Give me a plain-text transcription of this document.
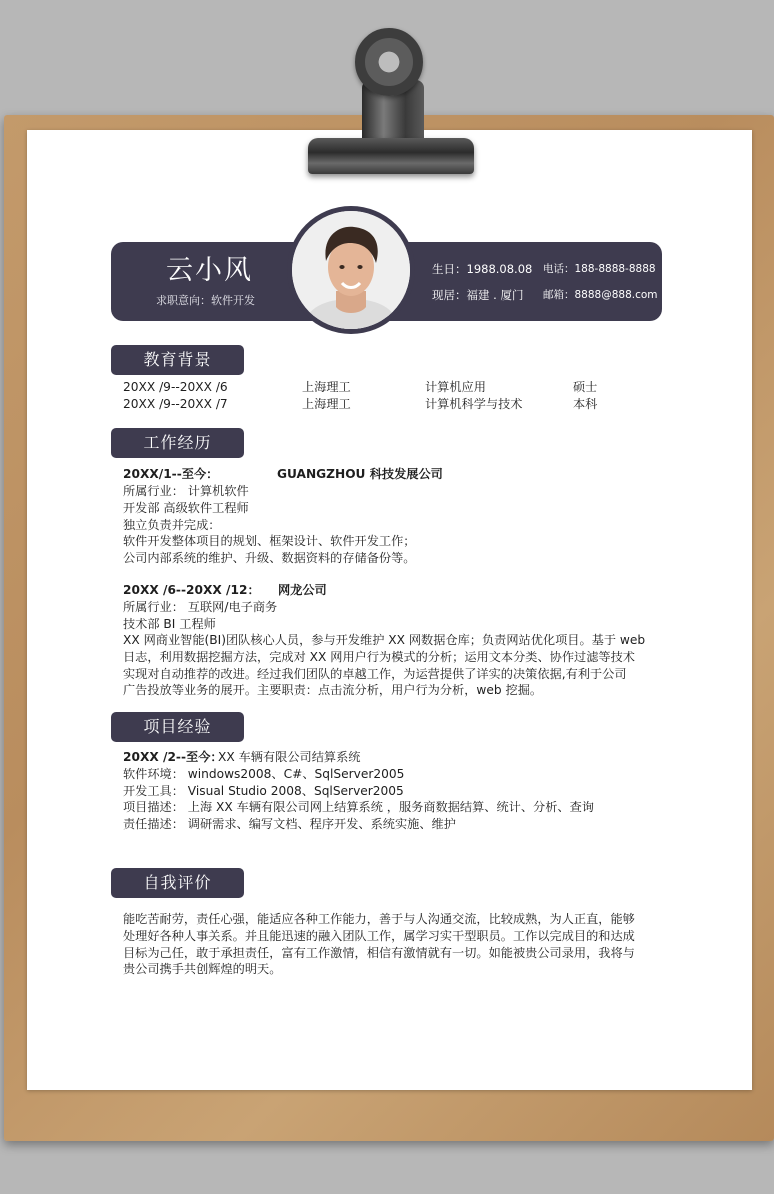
云小风
求职意向：软件开发
生日：1988.08.08 电话：188-8888-8888
现居：福建 . 厦门 邮箱：8888@888.com
教育背景
20XX /9--20XX /6	上海理工	计算机应用	硕士
20XX /9--20XX /7	上海理工	计算机科学与技术	本科
工作经历
20XX/1--至今：	GUANGZHOU 科技发展公司
所属行业： 计算机软件
开发部 高级软件工程师
独立负责并完成：
软件开发整体项目的规划、框架设计、软件开发工作；
公司内部系统的维护、升级、数据资料的存储备份等。
20XX /6--20XX /12： 网龙公司
所属行业： 互联网/电子商务
技术部 BI 工程师
XX 网商业智能(BI)团队核心人员，参与开发维护 XX 网数据仓库；负责网站优化项目。基于 web
日志，利用数据挖掘方法，完成对 XX 网用户行为模式的分析；运用文本分类、协作过滤等技术
实现对自动推荐的改进。经过我们团队的卓越工作，为运营提供了详实的决策依据,有利于公司
广告投放等业务的展开。主要职责：点击流分析，用户行为分析，web 挖掘。
项目经验
20XX /2--至今：
XX 车辆有限公司结算系统
软件环境： windows2008、C#、SqlServer2005
开发工具： Visual Studio 2008、SqlServer2005
项目描述： 上海 XX 车辆有限公司网上结算系统 ，服务商数据结算、统计、分析、查询
责任描述： 调研需求、编写文档、程序开发、系统实施、维护
自我评价
能吃苦耐劳，责任心强，能适应各种工作能力，善于与人沟通交流，比较成熟，为人正直，能够
处理好各种人事关系。并且能迅速的融入团队工作，属学习实干型职员。工作以完成目的和达成
目标为己任，敢于承担责任，富有工作激情，相信有激情就有一切。如能被贵公司录用，我将与
贵公司携手共创辉煌的明天。
